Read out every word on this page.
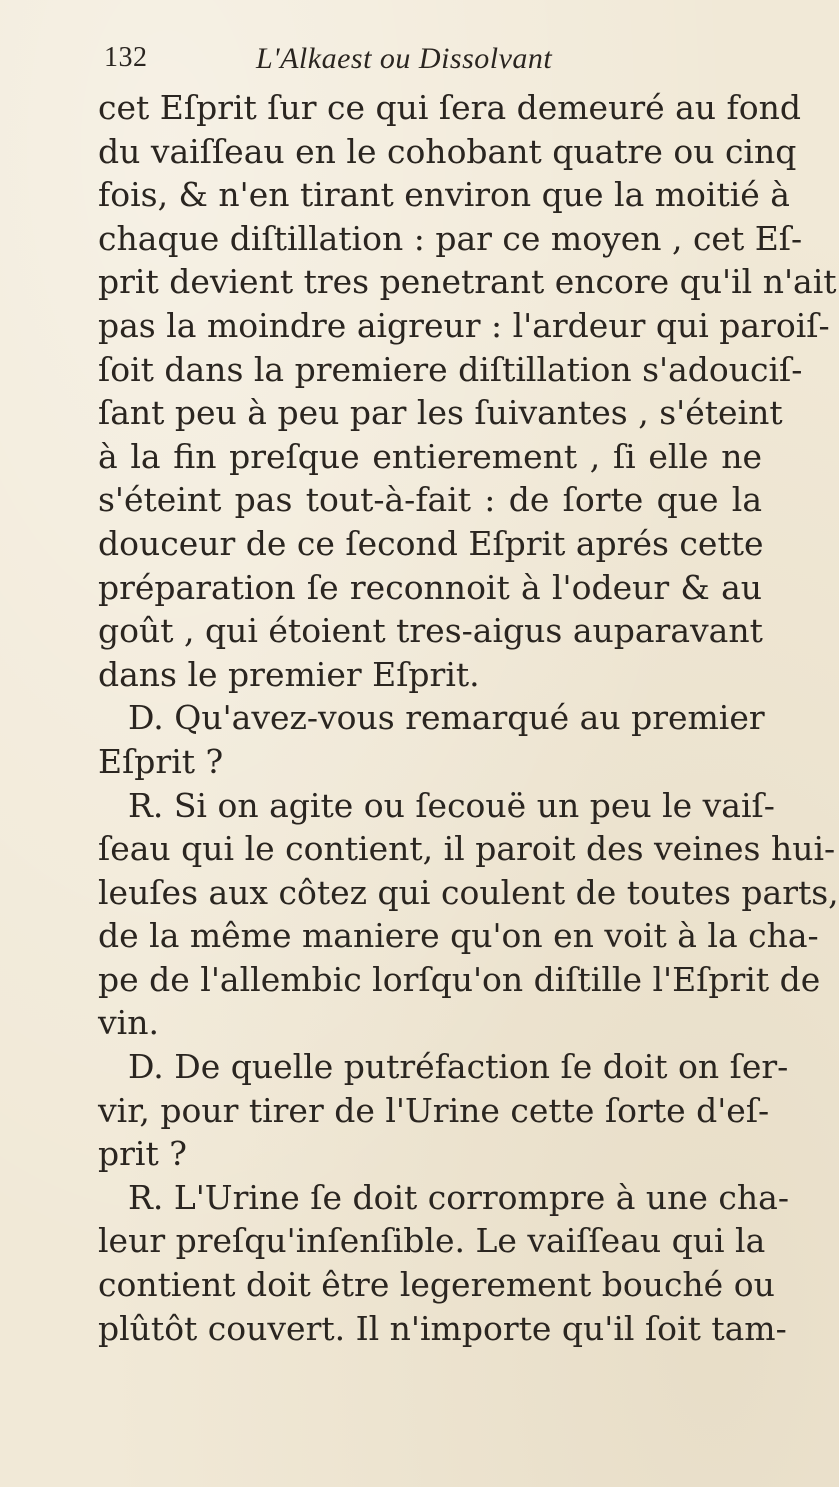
132	L'Alkaest ou Dissolvant
cet Eſprit ſur ce qui ſera demeuré au fond
du vaiſſeau en le cohobant quatre ou cinq
fois, & n'en tirant environ que la moitié à
chaque diſtillation : par ce moyen , cet Eſ-
prit devient tres penetrant encore qu'il n'ait
pas la moindre aigreur : l'ardeur qui paroiſ-
ſoit dans la premiere diſtillation s'adouciſ-
ſant peu à peu par les ſuivantes , s'éteint
à la fin preſque entierement , ſi elle ne
s'éteint pas tout-à-fait : de ſorte que la
douceur de ce ſecond Eſprit aprés cette
préparation ſe reconnoit à l'odeur & au
goût , qui étoient tres-aigus auparavant
dans le premier Eſprit.
D. Qu'avez-vous remarqué au premier
Eſprit ?
R. Si on agite ou ſecouë un peu le vaiſ-
ſeau qui le contient, il paroit des veines hui-
leuſes aux côtez qui coulent de toutes parts,
de la même maniere qu'on en voit à la cha-
pe de l'allembic lorſqu'on diſtille l'Eſprit de
vin.
D. De quelle putréfaction ſe doit on ſer-
vir, pour tirer de l'Urine cette ſorte d'eſ-
prit ?
R. L'Urine ſe doit corrompre à une cha-
leur preſqu'inſenſible. Le vaiſſeau qui la
contient doit être legerement bouché ou
plûtôt couvert. Il n'importe qu'il ſoit tam-
